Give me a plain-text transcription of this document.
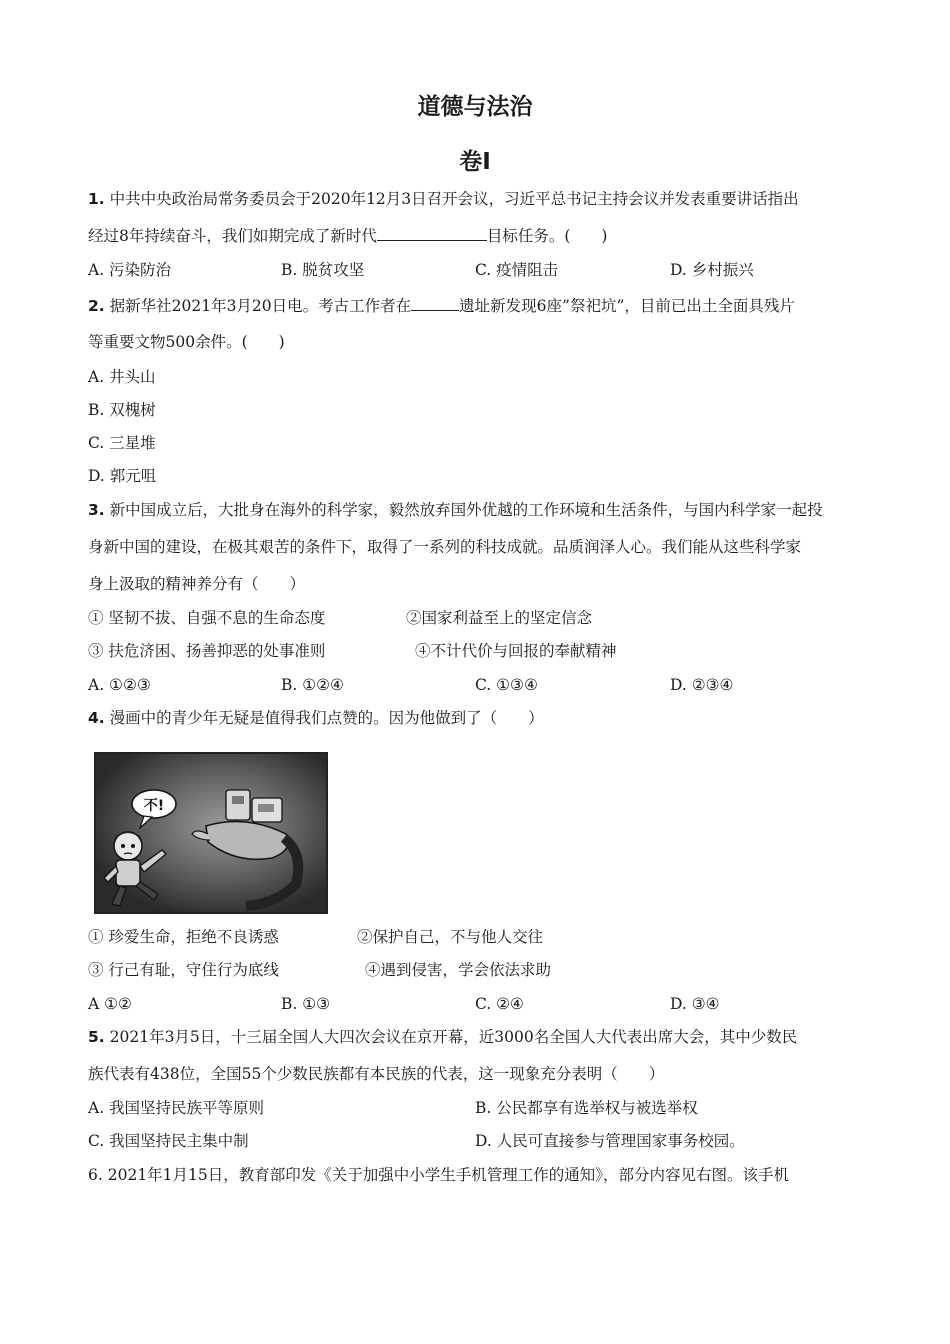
道德与法治
卷I
1. 中共中央政治局常务委员会于2020年12月3日召开会议，习近平总书记主持会议并发表重要讲话指出
经过8年持续奋斗，我们如期完成了新时代	目标任务。(　　)
A. 污染防治	B. 脱贫攻坚	C. 疫情阻击	D. 乡村振兴
2. 据新华社2021年3月20日电。考古工作者在	遗址新发现6座”祭祀坑”，目前已出土全面具残片
等重要文物500余件。(　　)
A. 井头山
B. 双槐树
C. 三星堆
D. 郭元咀
3. 新中国成立后，大批身在海外的科学家，毅然放弃国外优越的工作环境和生活条件，与国内科学家一起投
身新中国的建设，在极其艰苦的条件下，取得了一系列的科技成就。品质润泽人心。我们能从这些科学家
身上汲取的精神养分有（　　）
① 坚韧不拔、自强不息的生命态度	②国家利益至上的坚定信念
③ 扶危济困、扬善抑恶的处事准则	④不计代价与回报的奉献精神
A. ①②③	B. ①②④	C. ①③④	D. ②③④
4. 漫画中的青少年无疑是值得我们点赞的。因为他做到了（　　）
不!
① 珍爱生命，拒绝不良诱惑	②保护自己，不与他人交往
③ 行己有耻，守住行为底线	④遇到侵害，学会依法求助
A ①②	B. ①③	C. ②④	D. ③④
5. 2021年3月5日，十三届全国人大四次会议在京开幕，近3000名全国人大代表出席大会，其中少数民
族代表有438位，全国55个少数民族都有本民族的代表，这一现象充分表明（　　）
A. 我国坚持民族平等原则	B. 公民都享有选举权与被选举权
C. 我国坚持民主集中制	D. 人民可直接参与管理国家事务校园。
6. 2021年1月15日，教育部印发《关于加强中小学生手机管理工作的通知》，部分内容见右图。该手机
